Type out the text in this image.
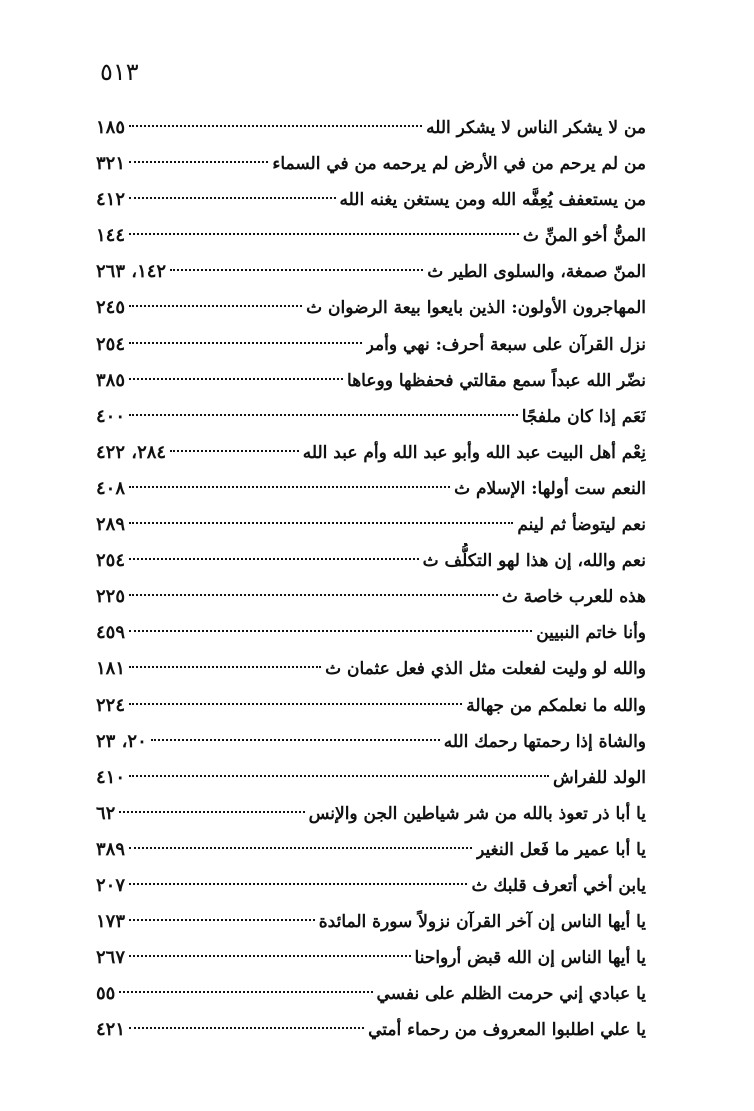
٥١٣
من لا يشكر الناس لا يشكر الله
١٨٥
من لم يرحم من في الأرض لم يرحمه من في السماء
٣٢١
من يستعفف يُعِفَّه الله ومن يستغن يغنه الله
٤١٢
المنُّ أخو المنِّ ث
١٤٤
المنّ صمغة، والسلوى الطير ث
١٤٢، ٢٦٣
المهاجرون الأولون: الذين بايعوا بيعة الرضوان ث
٢٤٥
نزل القرآن على سبعة أحرف: نهي وأمر
٢٥٤
نضّر الله عبداً سمع مقالتي فحفظها ووعاها
٣٨٥
نَعَم إذا كان ملفجًا
٤٠٠
نِعْم أهل البيت عبد الله وأبو عبد الله وأم عبد الله
٢٨٤، ٤٢٢
النعم ست أولها: الإسلام ث
٤٠٨
نعم ليتوضأ ثم لينم
٢٨٩
نعم والله، إن هذا لهو التكلُّف ث
٢٥٤
هذه للعرب خاصة ث
٢٢٥
وأنا خاتم النبيين
٤٥٩
والله لو وليت لفعلت مثل الذي فعل عثمان ث
١٨١
والله ما نعلمكم من جهالة
٢٢٤
والشاة إذا رحمتها رحمك الله
٢٠، ٢٣
الولد للفراش
٤١٠
يا أبا ذر تعوذ بالله من شر شياطين الجن والإنس
٦٢
يا أبا عمير ما فَعل النغير
٣٨٩
يابن أخي أتعرف قلبك ث
٢٠٧
يا أيها الناس إن آخر القرآن نزولاً سورة المائدة
١٧٣
يا أيها الناس إن الله قبض أرواحنا
٢٦٧
يا عبادي إني حرمت الظلم على نفسي
٥٥
يا علي اطلبوا المعروف من رحماء أمتي
٤٢١
